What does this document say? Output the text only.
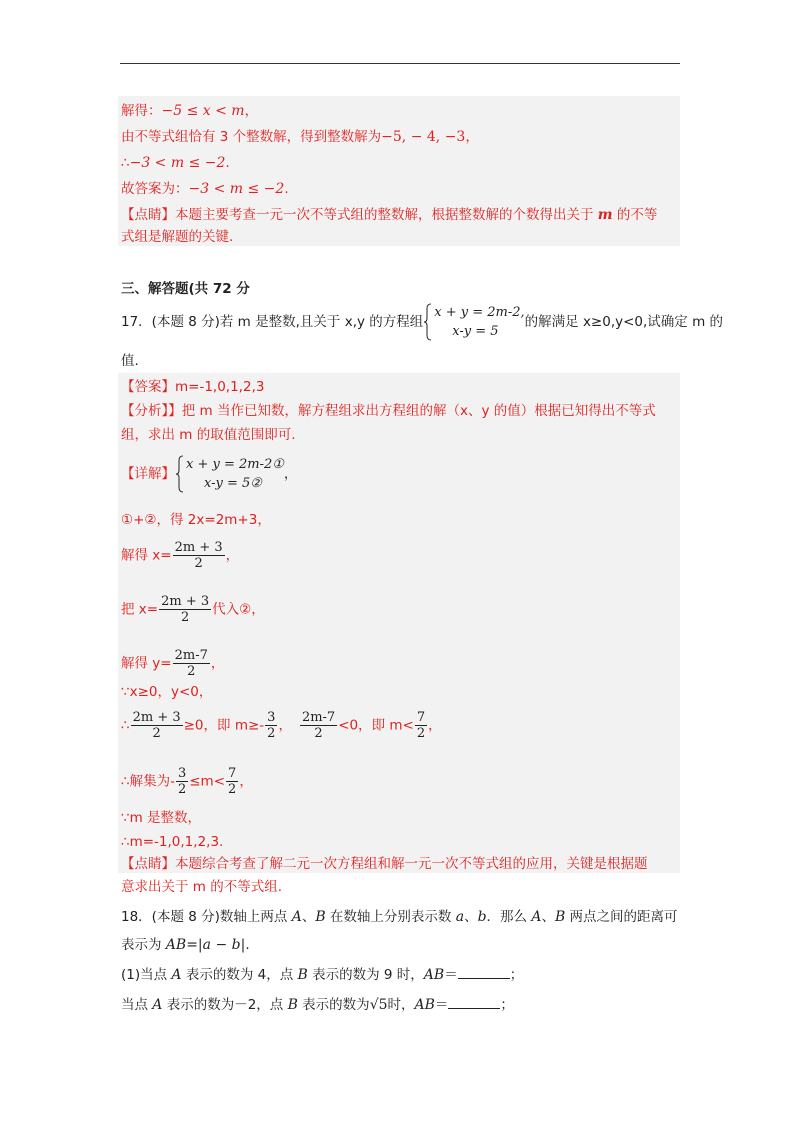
解得：−5 ≤ x < m，
由不等式组恰有 3 个整数解，得到整数解为−5, − 4, −3，
∴−3 < m ≤ −2.
故答案为：−3 < m ≤ −2.
【点睛】本题主要考查一元一次不等式组的整数解，根据整数解的个数得出关于 m 的不等
式组是解题的关键.
三、解答题(共 72 分
17．(本题 8 分)若 m 是整数,且关于 x,y 的方程组
x + y = 2m-2,
x-y = 5
的解满足 x≥0,y<0,试确定 m 的
值.
【答案】m=-1,0,1,2,3
【分析】】把 m 当作已知数，解方程组求出方程组的解（x、y 的值）根据已知得出不等式
组，求出 m 的取值范围即可.
【详解】
x + y = 2m-2①
x-y = 5②
，
①+②，得 2x=2m+3，
解得 $x= \frac{2m + 3}{2}$ ，
把 $x= \frac{2m + 3}{2}$ 代入②，
解得 $y= \frac{2m-7}{2}$ ，
∵x≥0，y<0，
∴ $\frac{2m + 3}{2} \ge 0$，即 $m\ge- \frac{3}{2}$ ， $\frac{2m-7}{2} <0$，即 $m< \frac{7}{2}$ ，
∴解集为- $\frac{3}{2} \le m< \frac{7}{2}$ ，
∵m 是整数，
∴m=-1,0,1,2,3.
【点睛】本题综合考查了解二元一次方程组和解一元一次不等式组的应用，关键是根据题
意求出关于 m 的不等式组.
18．(本题 8 分)数轴上两点 A、B 在数轴上分别表示数 a、b．那么 A、B 两点之间的距离可
表示为 AB=|a − b|.
(1)当点 A 表示的数为 4，点 B 表示的数为 9 时，AB＝	；
当点 A 表示的数为－2，点 B 表示的数为√5时，AB＝	；
